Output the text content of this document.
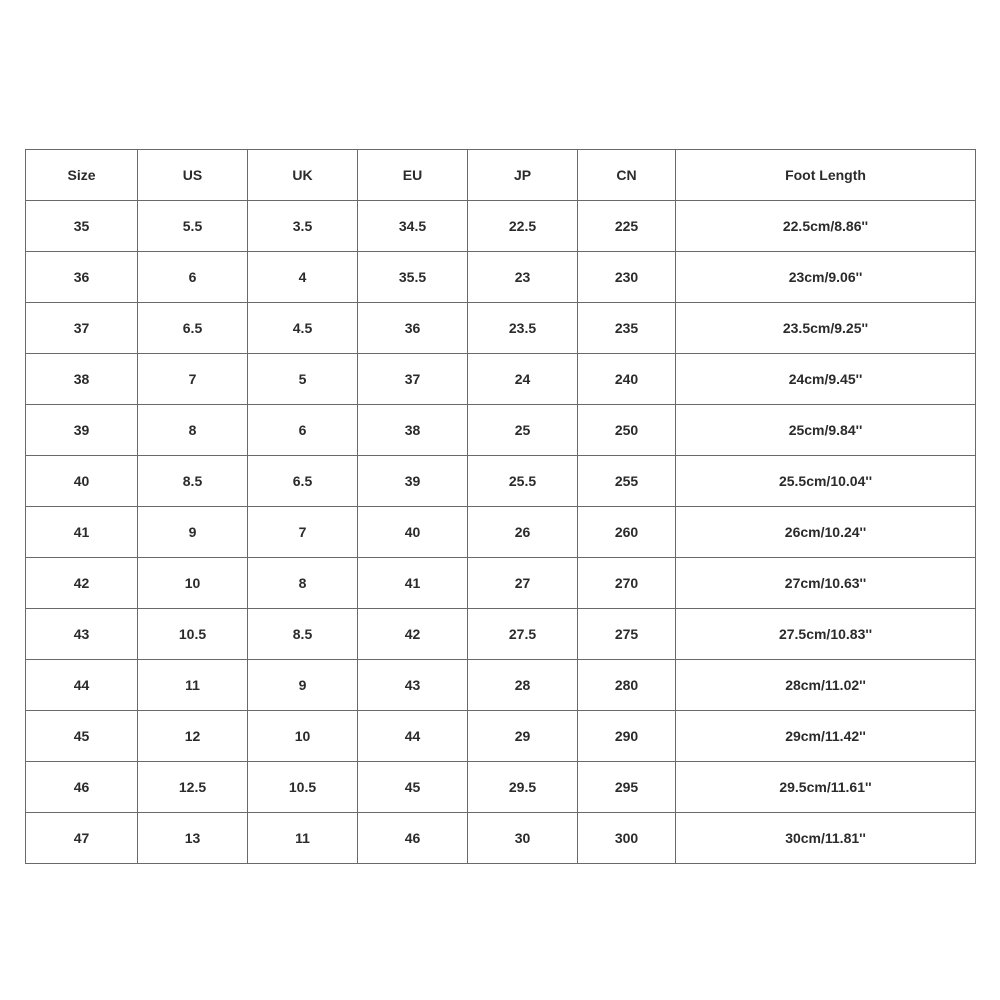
Size	US	UK	EU	JP	CN	Foot Length
35	5.5	3.5	34.5	22.5	225	22.5cm/8.86''
36	6	4	35.5	23	230	23cm/9.06''
37	6.5	4.5	36	23.5	235	23.5cm/9.25''
38	7	5	37	24	240	24cm/9.45''
39	8	6	38	25	250	25cm/9.84''
40	8.5	6.5	39	25.5	255	25.5cm/10.04''
41	9	7	40	26	260	26cm/10.24''
42	10	8	41	27	270	27cm/10.63''
43	10.5	8.5	42	27.5	275	27.5cm/10.83''
44	11	9	43	28	280	28cm/11.02''
45	12	10	44	29	290	29cm/11.42''
46	12.5	10.5	45	29.5	295	29.5cm/11.61''
47	13	11	46	30	300	30cm/11.81''
